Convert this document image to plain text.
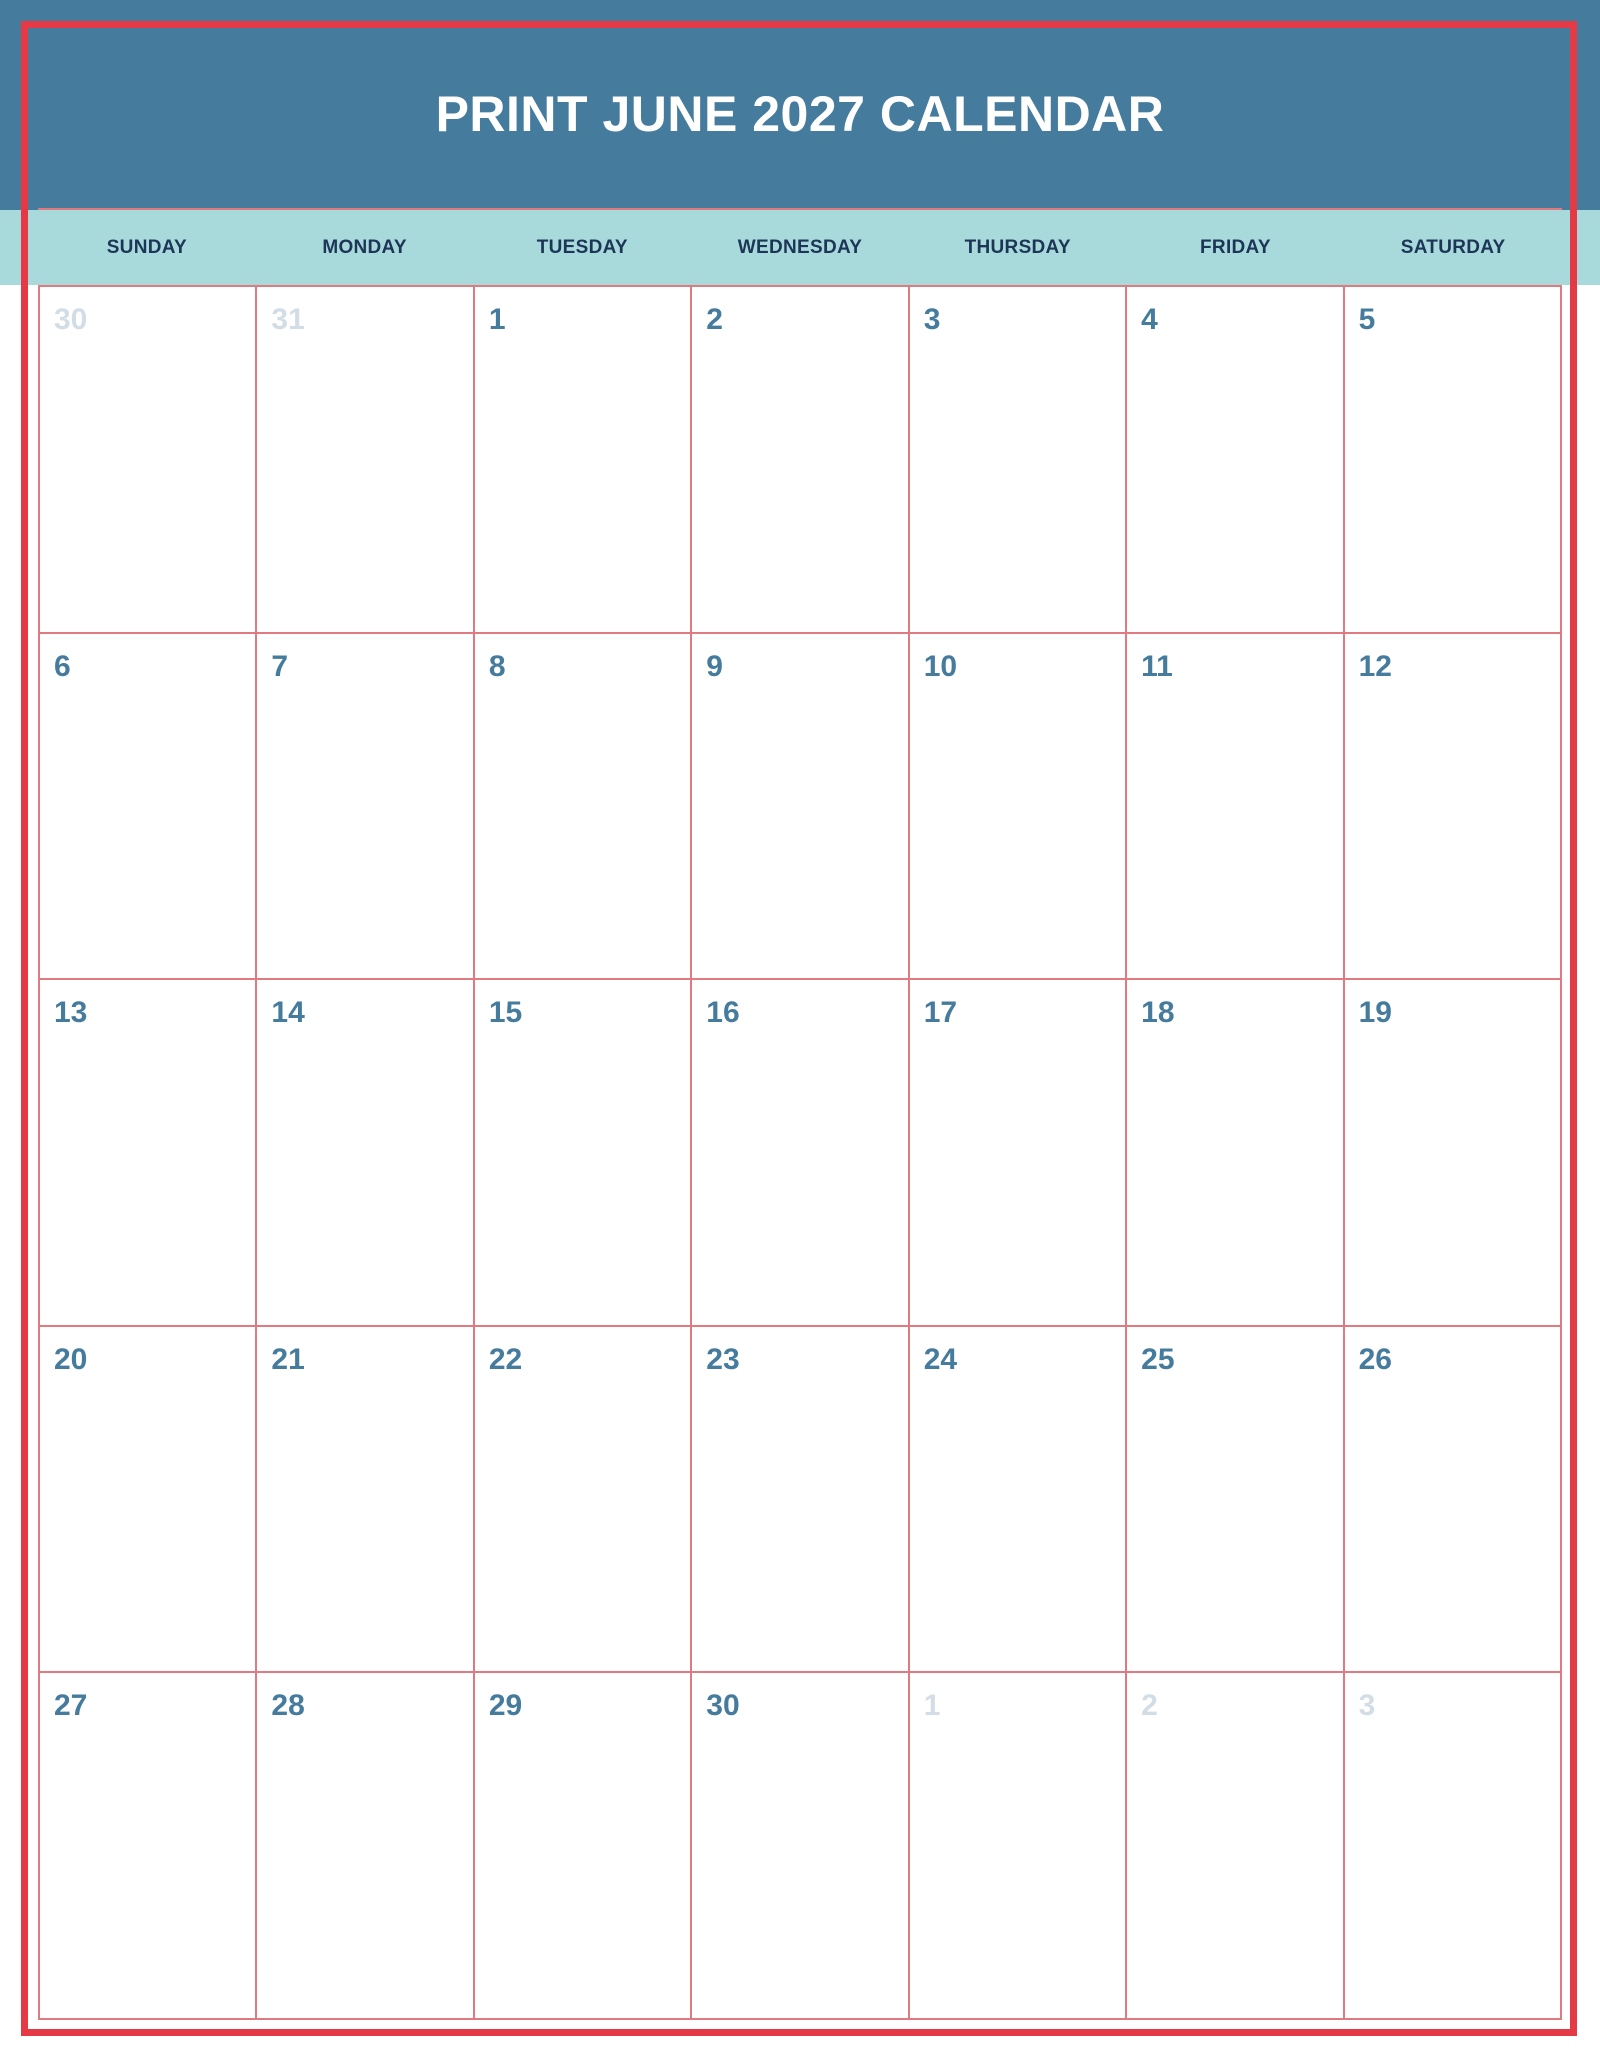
PRINT JUNE 2027 CALENDAR
SUNDAY	MONDAY	TUESDAY	WEDNESDAY	THURSDAY	FRIDAY	SATURDAY
30	31	1	2	3	4	5
6	7	8	9	10	11	12
13	14	15	16	17	18	19
20	21	22	23	24	25	26
27	28	29	30	1	2	3
